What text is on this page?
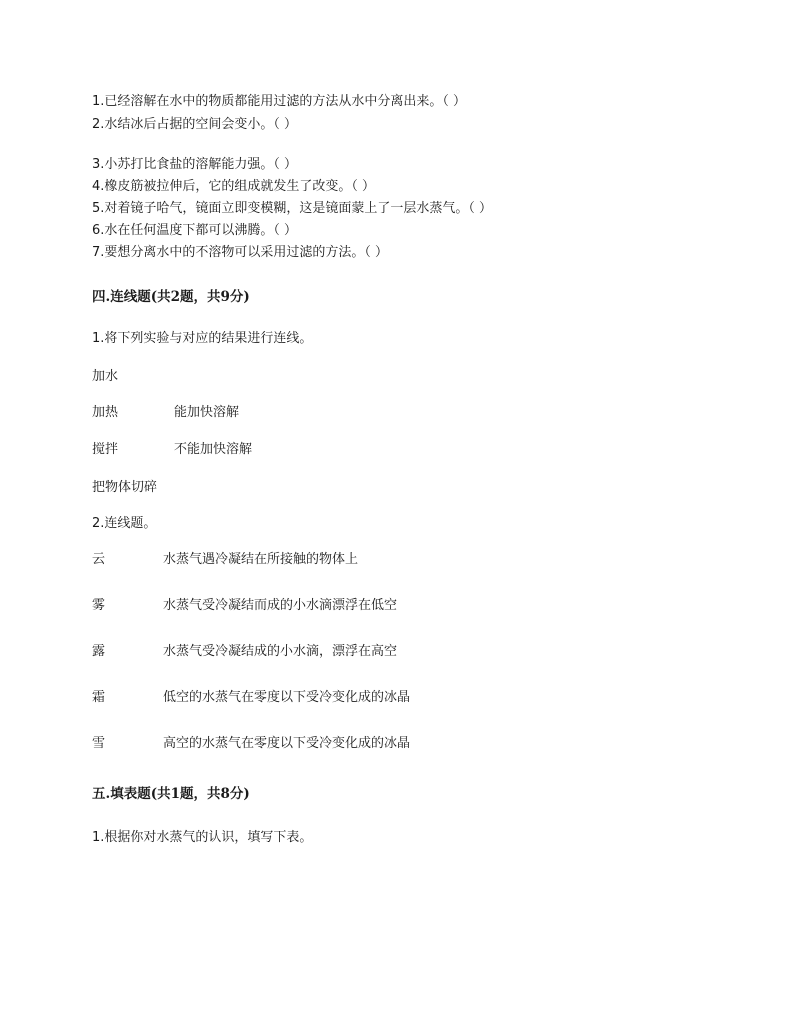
1.已经溶解在水中的物质都能用过滤的方法从水中分离出来。（ ）
2.水结冰后占据的空间会变小。（ ）
3.小苏打比食盐的溶解能力强。（ ）
4.橡皮筋被拉伸后，它的组成就发生了改变。（ ）
5.对着镜子哈气，镜面立即变模糊，这是镜面蒙上了一层水蒸气。（ ）
6.水在任何温度下都可以沸腾。（ ）
7.要想分离水中的不溶物可以采用过滤的方法。（ ）
四.连线题(共2题，共9分)
1.将下列实验与对应的结果进行连线。
加水
加热	能加快溶解
搅拌	不能加快溶解
把物体切碎
2.连线题。
云	水蒸气遇冷凝结在所接触的物体上
雾	水蒸气受冷凝结而成的小水滴漂浮在低空
露	水蒸气受冷凝结成的小水滴，漂浮在高空
霜	低空的水蒸气在零度以下受冷变化成的冰晶
雪	高空的水蒸气在零度以下受冷变化成的冰晶
五.填表题(共1题，共8分)
1.根据你对水蒸气的认识，填写下表。
